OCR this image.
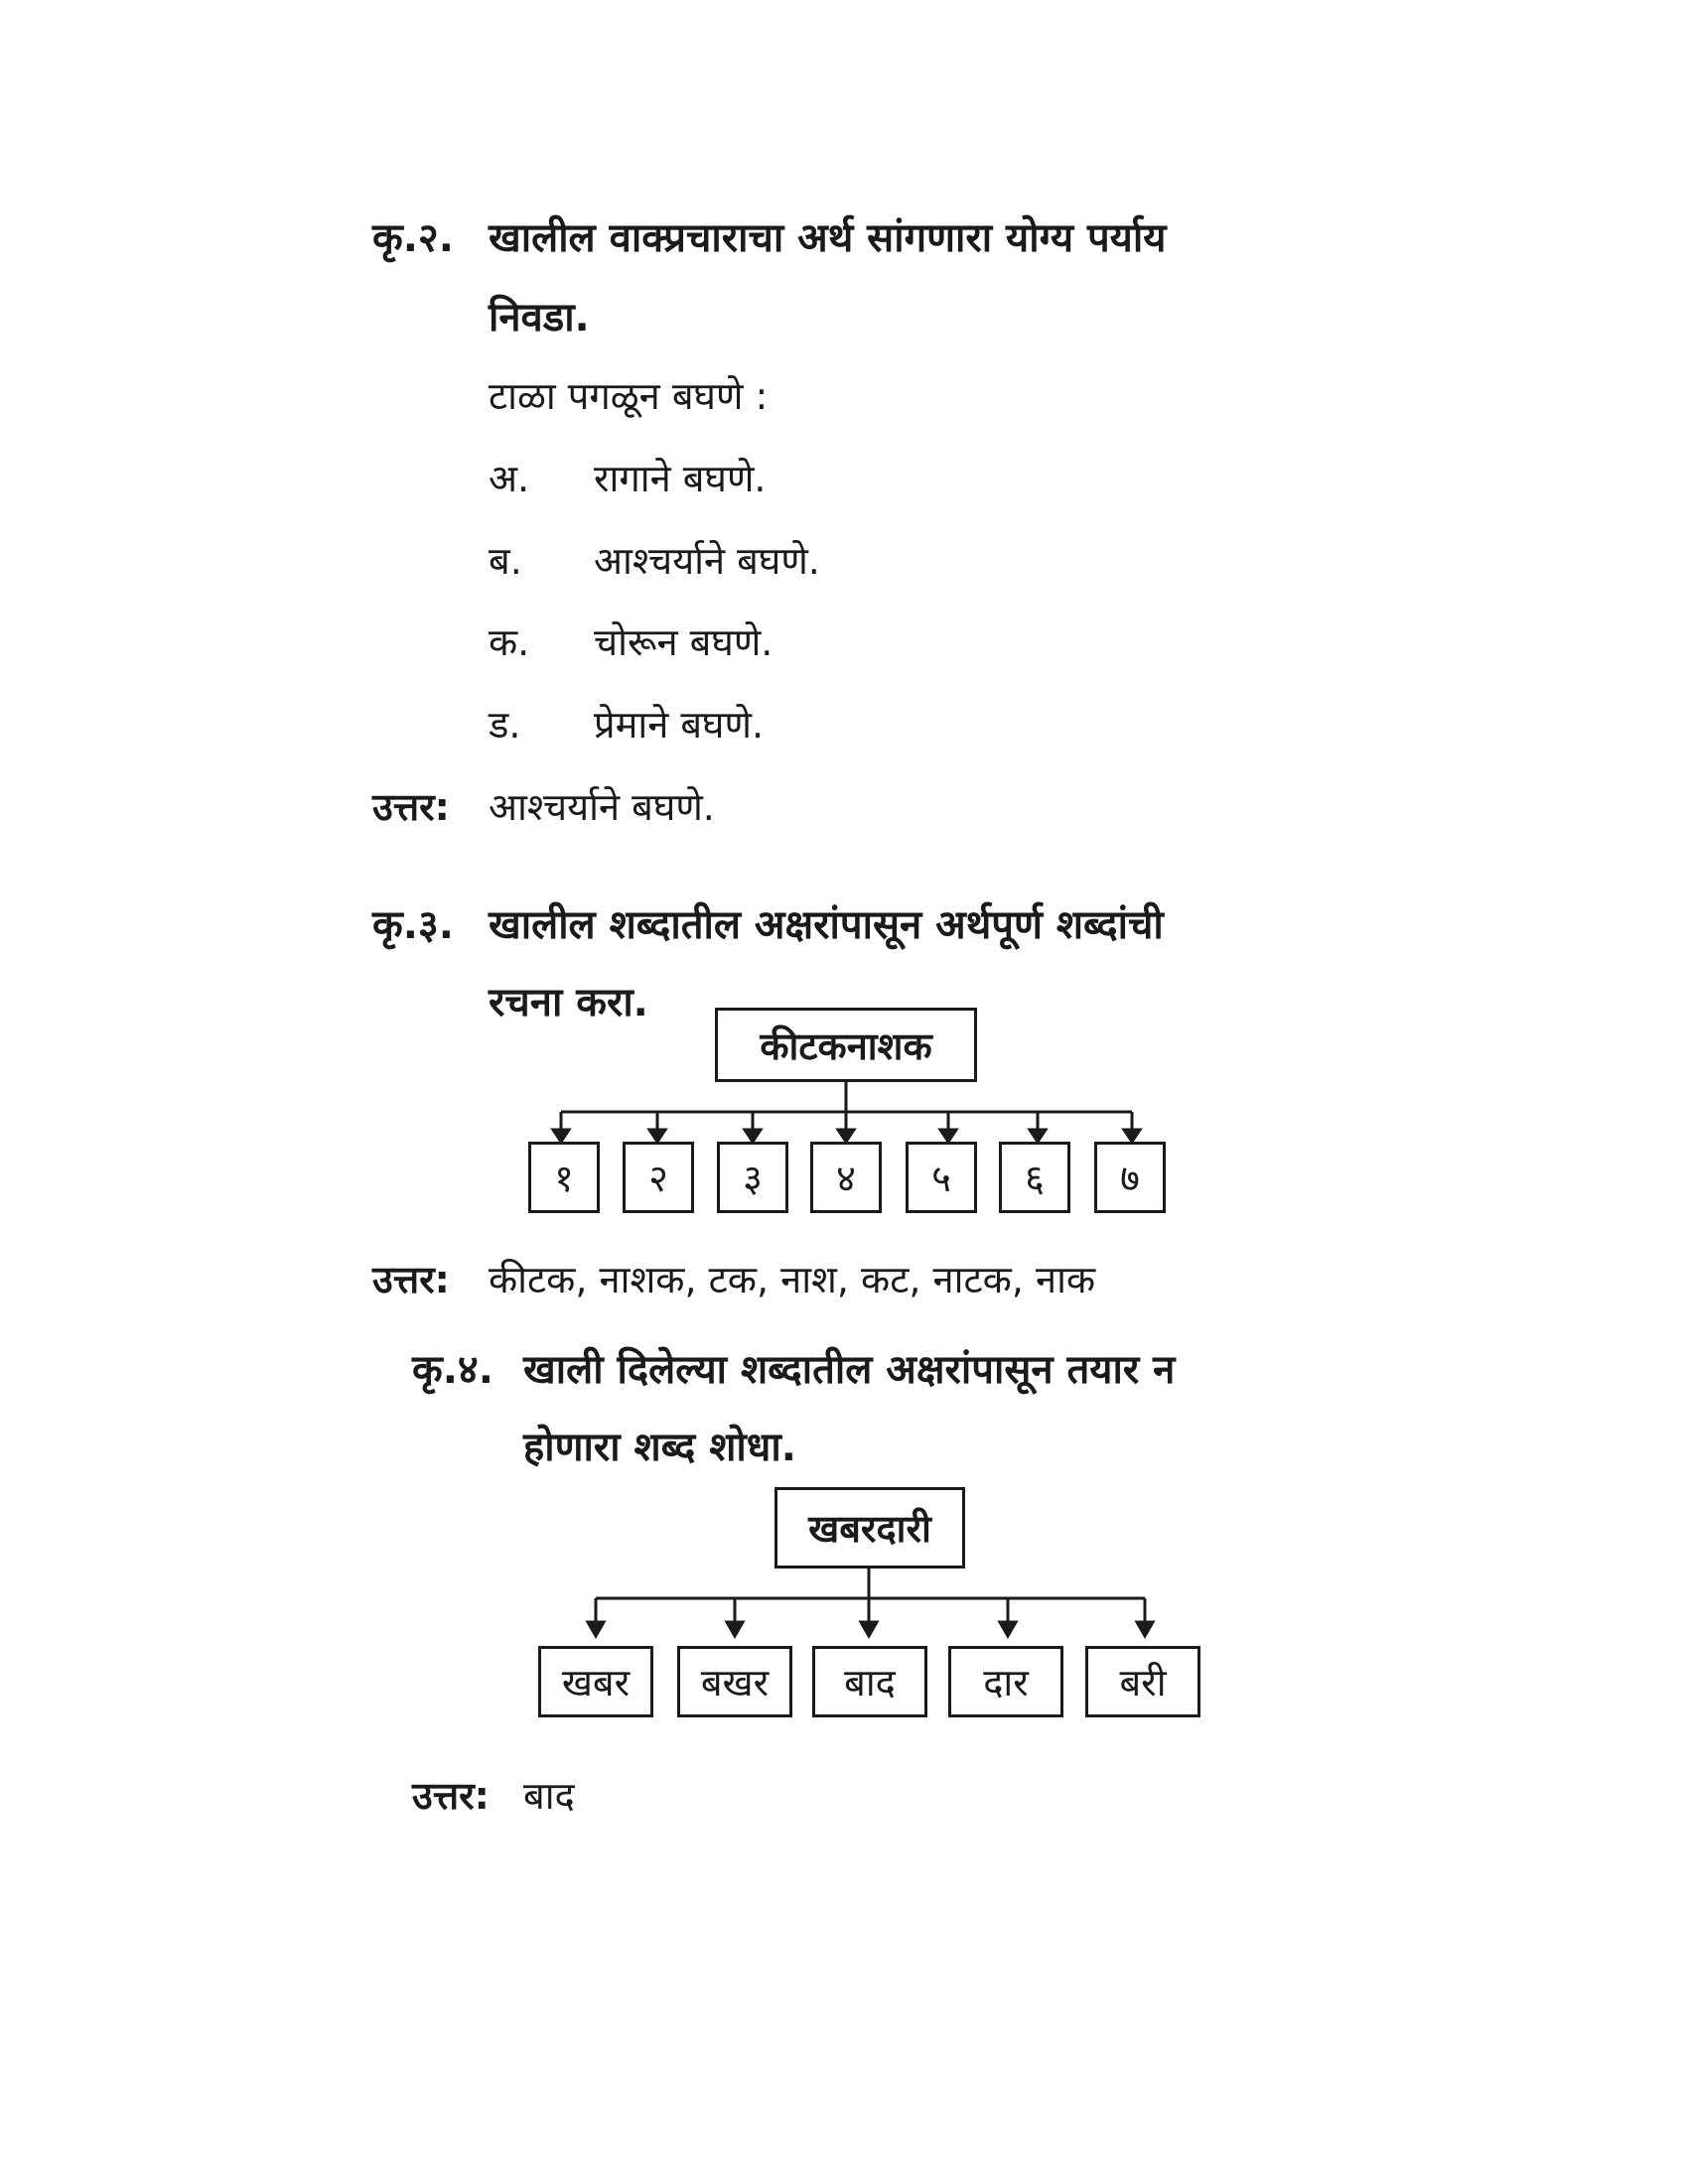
कृ.२. खालील वाक्प्रचाराचा अर्थ सांगणारा योग्य पर्याय
निवडा.
टाळा पगळून बघणे :
अ. रागाने बघणे.
ब. आश्चर्याने बघणे.
क. चोरून बघणे.
ड. प्रेमाने बघणे.
उत्तर: आश्चर्याने बघणे.
कृ.३. खालील शब्दातील अक्षरांपासून अर्थपूर्ण शब्दांची
रचना करा.
कीटकनाशक
१	२	३	४	५	६	७
उत्तर: कीटक, नाशक, टक, नाश, कट, नाटक, नाक
कृ.४. खाली दिलेल्या शब्दातील अक्षरांपासून तयार न
होणारा शब्द शोधा.
खबरदारी
खबर	बखर	बाद	दार	बरी
उत्तर: बाद
